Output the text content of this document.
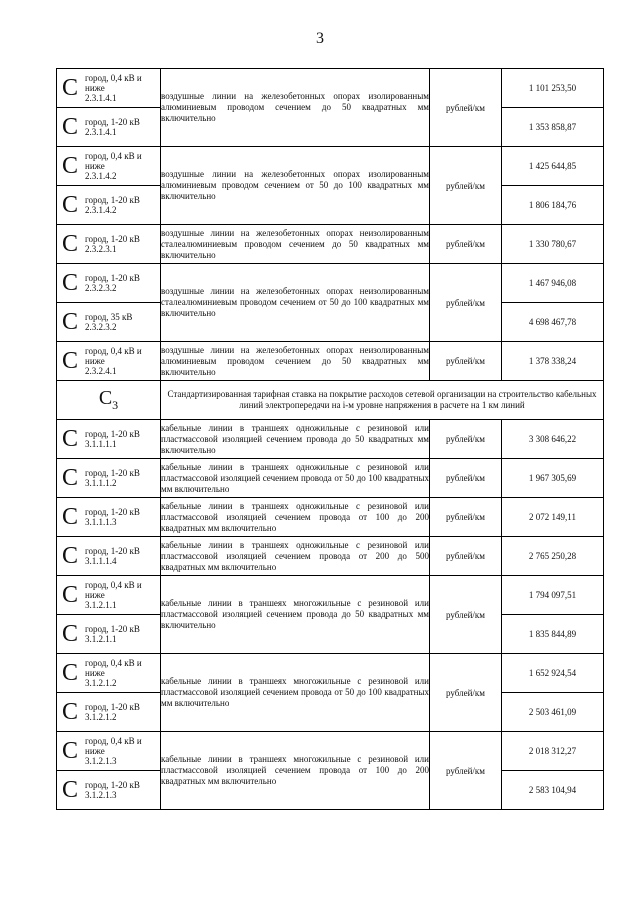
3
C город, 0,4 кВ и
ниже
2.3.1.4.1	воздушные линии на железобетонных опорах изолированным алюминиевым проводом сечением до 50 квадратных мм включительно	рублей/км	1 101 253,50

C город, 1-20 кВ
2.3.1.4.1			1 353 858,87

C город, 0,4 кВ и
ниже
2.3.1.4.2	воздушные линии на железобетонных опорах изолированным алюминиевым проводом сечением от 50 до 100 квадратных мм включительно	рублей/км	1 425 644,85

C город, 1-20 кВ
2.3.1.4.2			1 806 184,76

C город, 1-20 кВ
2.3.2.3.1	воздушные линии на железобетонных опорах неизолированным сталеалюминиевым проводом сечением до 50 квадратных мм включительно	рублей/км	1 330 780,67

C город, 1-20 кВ
2.3.2.3.2	воздушные линии на железобетонных опорах неизолированным сталеалюминиевым проводом сечением от 50 до 100 квадратных мм включительно	рублей/км	1 467 946,08

C город, 35 кВ
2.3.2.3.2			4 698 467,78

C город, 0,4 кВ и
ниже
2.3.2.4.1	воздушные линии на железобетонных опорах неизолированным алюминиевым проводом сечением до 50 квадратных мм включительно	рублей/км	1 378 338,24
$C_3$	Стандартизированная тарифная ставка на покрытие расходов сетевой организации на строительство кабельных линий электропередачи на i-м уровне напряжения в расчете на 1 км линий		

C город, 1-20 кВ
3.1.1.1.1	кабельные линии в траншеях одножильные с резиновой или пластмассовой изоляцией сечением провода до 50 квадратных мм включительно	рублей/км	3 308 646,22

C город, 1-20 кВ
3.1.1.1.2	кабельные линии в траншеях одножильные с резиновой или пластмассовой изоляцией сечением провода от 50 до 100 квадратных мм включительно	рублей/км	1 967 305,69

C город, 1-20 кВ
3.1.1.1.3	кабельные линии в траншеях одножильные с резиновой или пластмассовой изоляцией сечением провода от 100 до 200 квадратных мм включительно	рублей/км	2 072 149,11

C город, 1-20 кВ
3.1.1.1.4	кабельные линии в траншеях одножильные с резиновой или пластмассовой изоляцией сечением провода от 200 до 500 квадратных мм включительно	рублей/км	2 765 250,28

C город, 0,4 кВ и
ниже
3.1.2.1.1	кабельные линии в траншеях многожильные с резиновой или пластмассовой изоляцией сечением провода до 50 квадратных мм включительно	рублей/км	1 794 097,51

C город, 1-20 кВ
3.1.2.1.1			1 835 844,89

C город, 0,4 кВ и
ниже
3.1.2.1.2	кабельные линии в траншеях многожильные с резиновой или пластмассовой изоляцией сечением провода от 50 до 100 квадратных мм включительно	рублей/км	1 652 924,54

C город, 1-20 кВ
3.1.2.1.2			2 503 461,09

C город, 0,4 кВ и
ниже
3.1.2.1.3	кабельные линии в траншеях многожильные с резиновой или пластмассовой изоляцией сечением провода от 100 до 200 квадратных мм включительно	рублей/км	2 018 312,27

C город, 1-20 кВ
3.1.2.1.3			2 583 104,94
